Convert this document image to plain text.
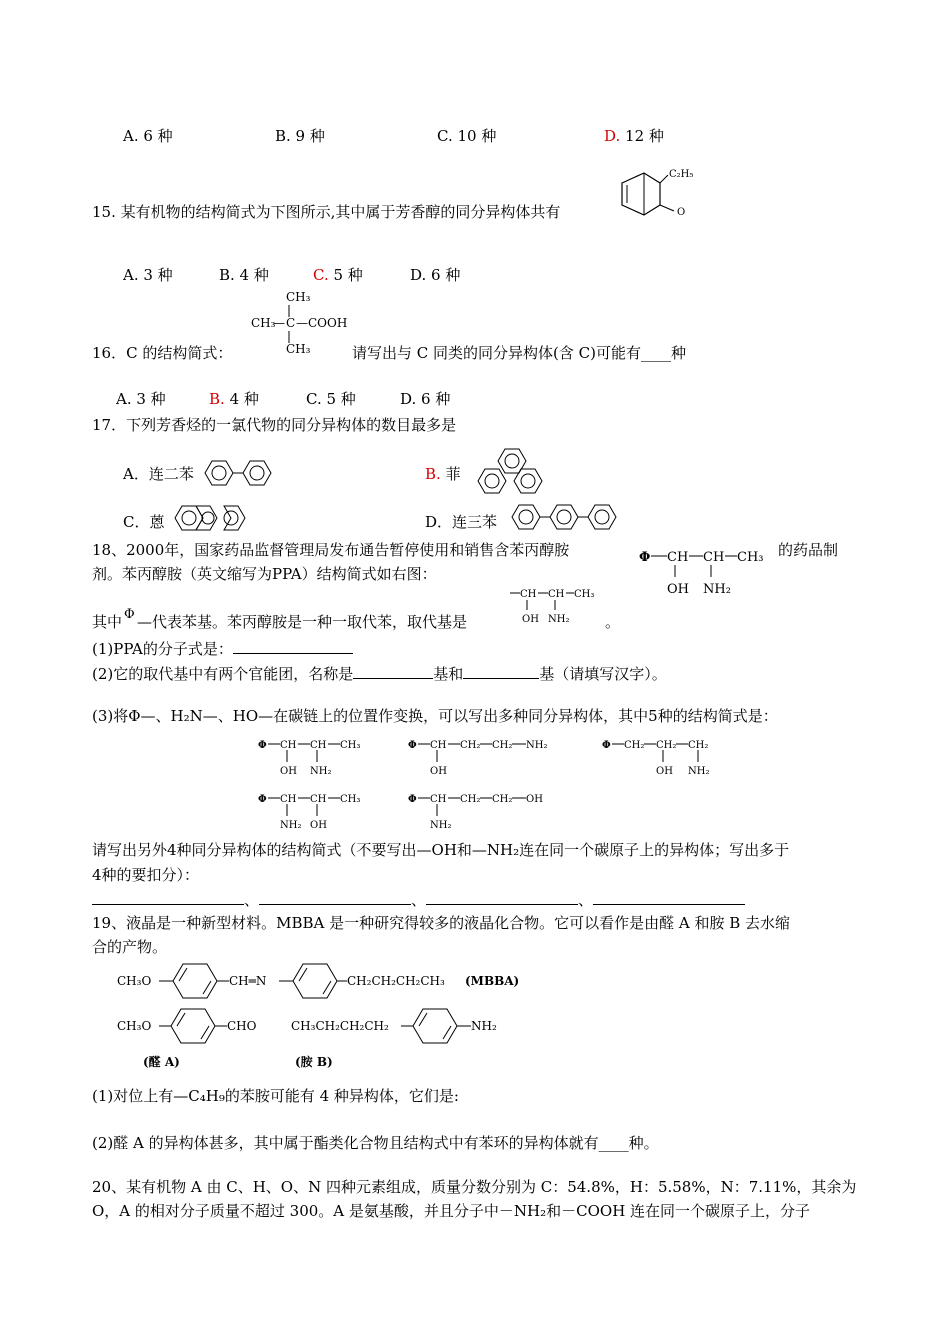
A. 6 种	B. 9 种	C. 10 种	D. 12 种
15. 某有机物的结构简式为下图所示,其中属于芳香醇的同分异构体共有
C₂H₅
O
A. 3 种	B. 4 种	C. 5 种	D. 6 种
CH₃
CH₃
— C — COOH
CH₃
16．C 的结构简式：	请写出与 C 同类的同分异构体(含 C)可能有____种
A. 3 种	B. 4 种	C. 5 种	D. 6 种
17．下列芳香烃的一氯代物的同分异构体的数目最多是
A．连二苯	B. 菲
C．蒽	D．连三苯
18、2000年，国家药品监督管理局发布通告暂停使用和销售含苯丙醇胺	Φ CH CH CH₃
OH NH₂
的药品制
剂。苯丙醇胺（英文缩写为PPA）结构简式如右图：
CH CH CH₃
OH NH₂
其中 Φ —代表苯基。苯丙醇胺是一种一取代苯，取代基是	。
(1)PPA的分子式是：
(2)它的取代基中有两个官能团，名称是	基和	基（请填写汉字）。
(3)将Φ—、H₂N—、HO—在碳链上的位置作变换，可以写出多种同分异构体，其中5种的结构简式是：
Φ CH CH CH₃
OH NH₂
Φ CH CH₂ CH₂ NH₂
OH
Φ CH₂ CH₂ CH₂
OH NH₂
Φ CH CH CH₃
NH₂ OH
Φ CH CH₂ CH₂ OH
NH₂
请写出另外4种同分异构体的结构简式（不要写出—OH和—NH₂连在同一个碳原子上的异构体；写出多于
4种的要扣分）：
、	、	、
19、液晶是一种新型材料。MBBA 是一种研究得较多的液晶化合物。它可以看作是由醛 A 和胺 B 去水缩
合的产物。
CH₃O	CH═N	CH₂CH₂CH₂CH₃ (MBBA)
CH₃O	CHO
(醛 A)
CH₃CH₂CH₂CH₂	NH₂
(胺 B)
(1)对位上有—C₄H₉的苯胺可能有 4 种异构体，它们是:
(2)醛 A 的异构体甚多，其中属于酯类化合物且结构式中有苯环的异构体就有____种。
20、某有机物 A 由 C、H、O、N 四种元素组成，质量分数分别为 C：54.8%，H：5.58%，N：7.11%，其余为
O，A 的相对分子质量不超过 300。A 是氨基酸，并且分子中－NH₂和－COOH 连在同一个碳原子上，分子
